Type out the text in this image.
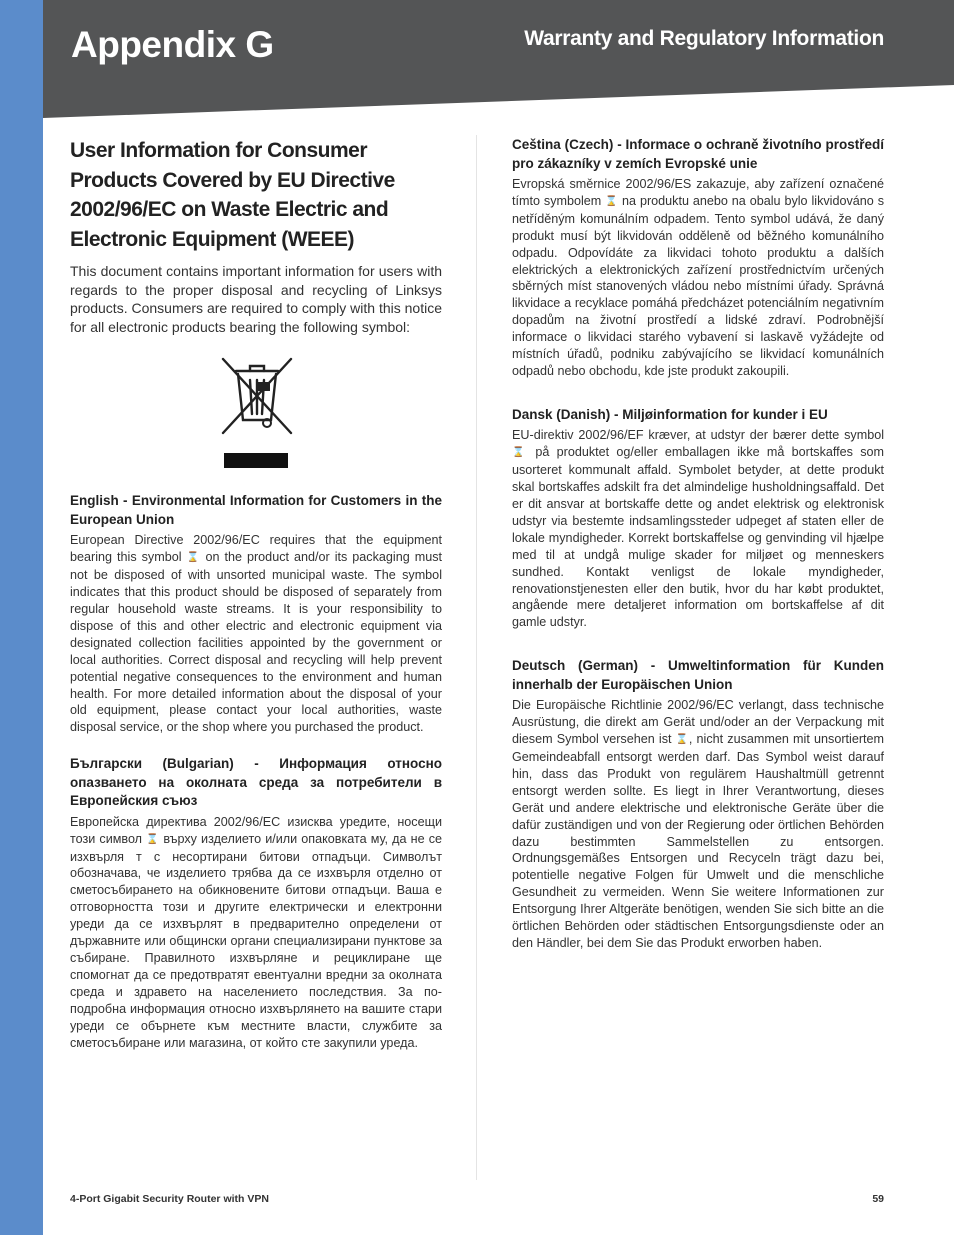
Appendix G	Warranty and Regulatory Information
User Information for Consumer Products Covered by EU Directive 2002/96/EC on Waste Electric and Electronic Equipment (WEEE)

This document contains important information for users with regards to the proper disposal and recycling of Linksys products. Consumers are required to comply with this notice for all electronic products bearing the following symbol:

English - Environmental Information for Customers in the European Union

European Directive 2002/96/EC requires that the equipment bearing this symbol ⌛ on the product and/or its packaging must not be disposed of with unsorted municipal waste. The symbol indicates that this product should be disposed of separately from regular household waste streams. It is your responsibility to dispose of this and other electric and electronic equipment via designated collection facilities appointed by the government or local authorities. Correct disposal and recycling will help prevent potential negative consequences to the environment and human health. For more detailed information about the disposal of your old equipment, please contact your local authorities, waste disposal service, or the shop where you purchased the product.

Български (Bulgarian) - Информация относно опазването на околната среда за потребители в Европейския съюз

Европейска директива 2002/96/EC изисква уредите, носещи този символ ⌛ върху изделието и/или опаковката му, да не се изхвърля т с несортирани битови отпадъци. Символът обозначава, че изделието трябва да се изхвърля отделно от сметосъбирането на обикновените битови отпадъци. Ваша е отговорността този и другите електрически и електронни уреди да се изхвърлят в предварително определени от държавните или общински органи специализирани пунктове за събиране. Правилното изхвърляне и рециклиране ще спомогнат да се предотвратят евентуални вредни за околната среда и здравето на населението последствия. За по-подробна информация относно изхвърлянето на вашите стари уреди се обърнете към местните власти, службите за сметосъбиране или магазина, от който сте закупили уреда.

Ceština (Czech) - Informace o ochraně životního prostředí pro zákazníky v zemích Evropské unie

Evropská směrnice 2002/96/ES zakazuje, aby zařízení označené tímto symbolem ⌛ na produktu anebo na obalu bylo likvidováno s netříděným komunálním odpadem. Tento symbol udává, že daný produkt musí být likvidován odděleně od běžného komunálního odpadu. Odpovídáte za likvidaci tohoto produktu a dalších elektrických a elektronických zařízení prostřednictvím určených sběrných míst stanovených vládou nebo místními úřady. Správná likvidace a recyklace pomáhá předcházet potenciálním negativním dopadům na životní prostředí a lidské zdraví. Podrobnější informace o likvidaci starého vybavení si laskavě vyžádejte od místních úřadů, podniku zabývajícího se likvidací komunálních odpadů nebo obchodu, kde jste produkt zakoupili.

Dansk (Danish) - Miljøinformation for kunder i EU

EU-direktiv 2002/96/EF kræver, at udstyr der bærer dette symbol ⌛ på produktet og/eller emballagen ikke må bortskaffes som usorteret kommunalt affald. Symbolet betyder, at dette produkt skal bortskaffes adskilt fra det almindelige husholdningsaffald. Det er dit ansvar at bortskaffe dette og andet elektrisk og elektronisk udstyr via bestemte indsamlingssteder udpeget af staten eller de lokale myndigheder. Korrekt bortskaffelse og genvinding vil hjælpe med til at undgå mulige skader for miljøet og menneskers sundhed. Kontakt venligst de lokale myndigheder, renovationstjenesten eller den butik, hvor du har købt produktet, angående mere detaljeret information om bortskaffelse af dit gamle udstyr.

Deutsch (German) - Umweltinformation für Kunden innerhalb der Europäischen Union

Die Europäische Richtlinie 2002/96/EC verlangt, dass technische Ausrüstung, die direkt am Gerät und/oder an der Verpackung mit diesem Symbol versehen ist ⌛, nicht zusammen mit unsortiertem Gemeindeabfall entsorgt werden darf. Das Symbol weist darauf hin, dass das Produkt von regulärem Haushaltmüll getrennt entsorgt werden sollte. Es liegt in Ihrer Verantwortung, dieses Gerät und andere elektrische und elektronische Geräte über die dafür zuständigen und von der Regierung oder örtlichen Behörden dazu bestimmten Sammelstellen zu entsorgen. Ordnungsgemäßes Entsorgen und Recyceln trägt dazu bei, potentielle negative Folgen für Umwelt und die menschliche Gesundheit zu vermeiden. Wenn Sie weitere Informationen zur Entsorgung Ihrer Altgeräte benötigen, wenden Sie sich bitte an die örtlichen Behörden oder städtischen Entsorgungsdienste oder an den Händler, bei dem Sie das Produkt erworben haben.

4-Port Gigabit Security Router with VPN	59
